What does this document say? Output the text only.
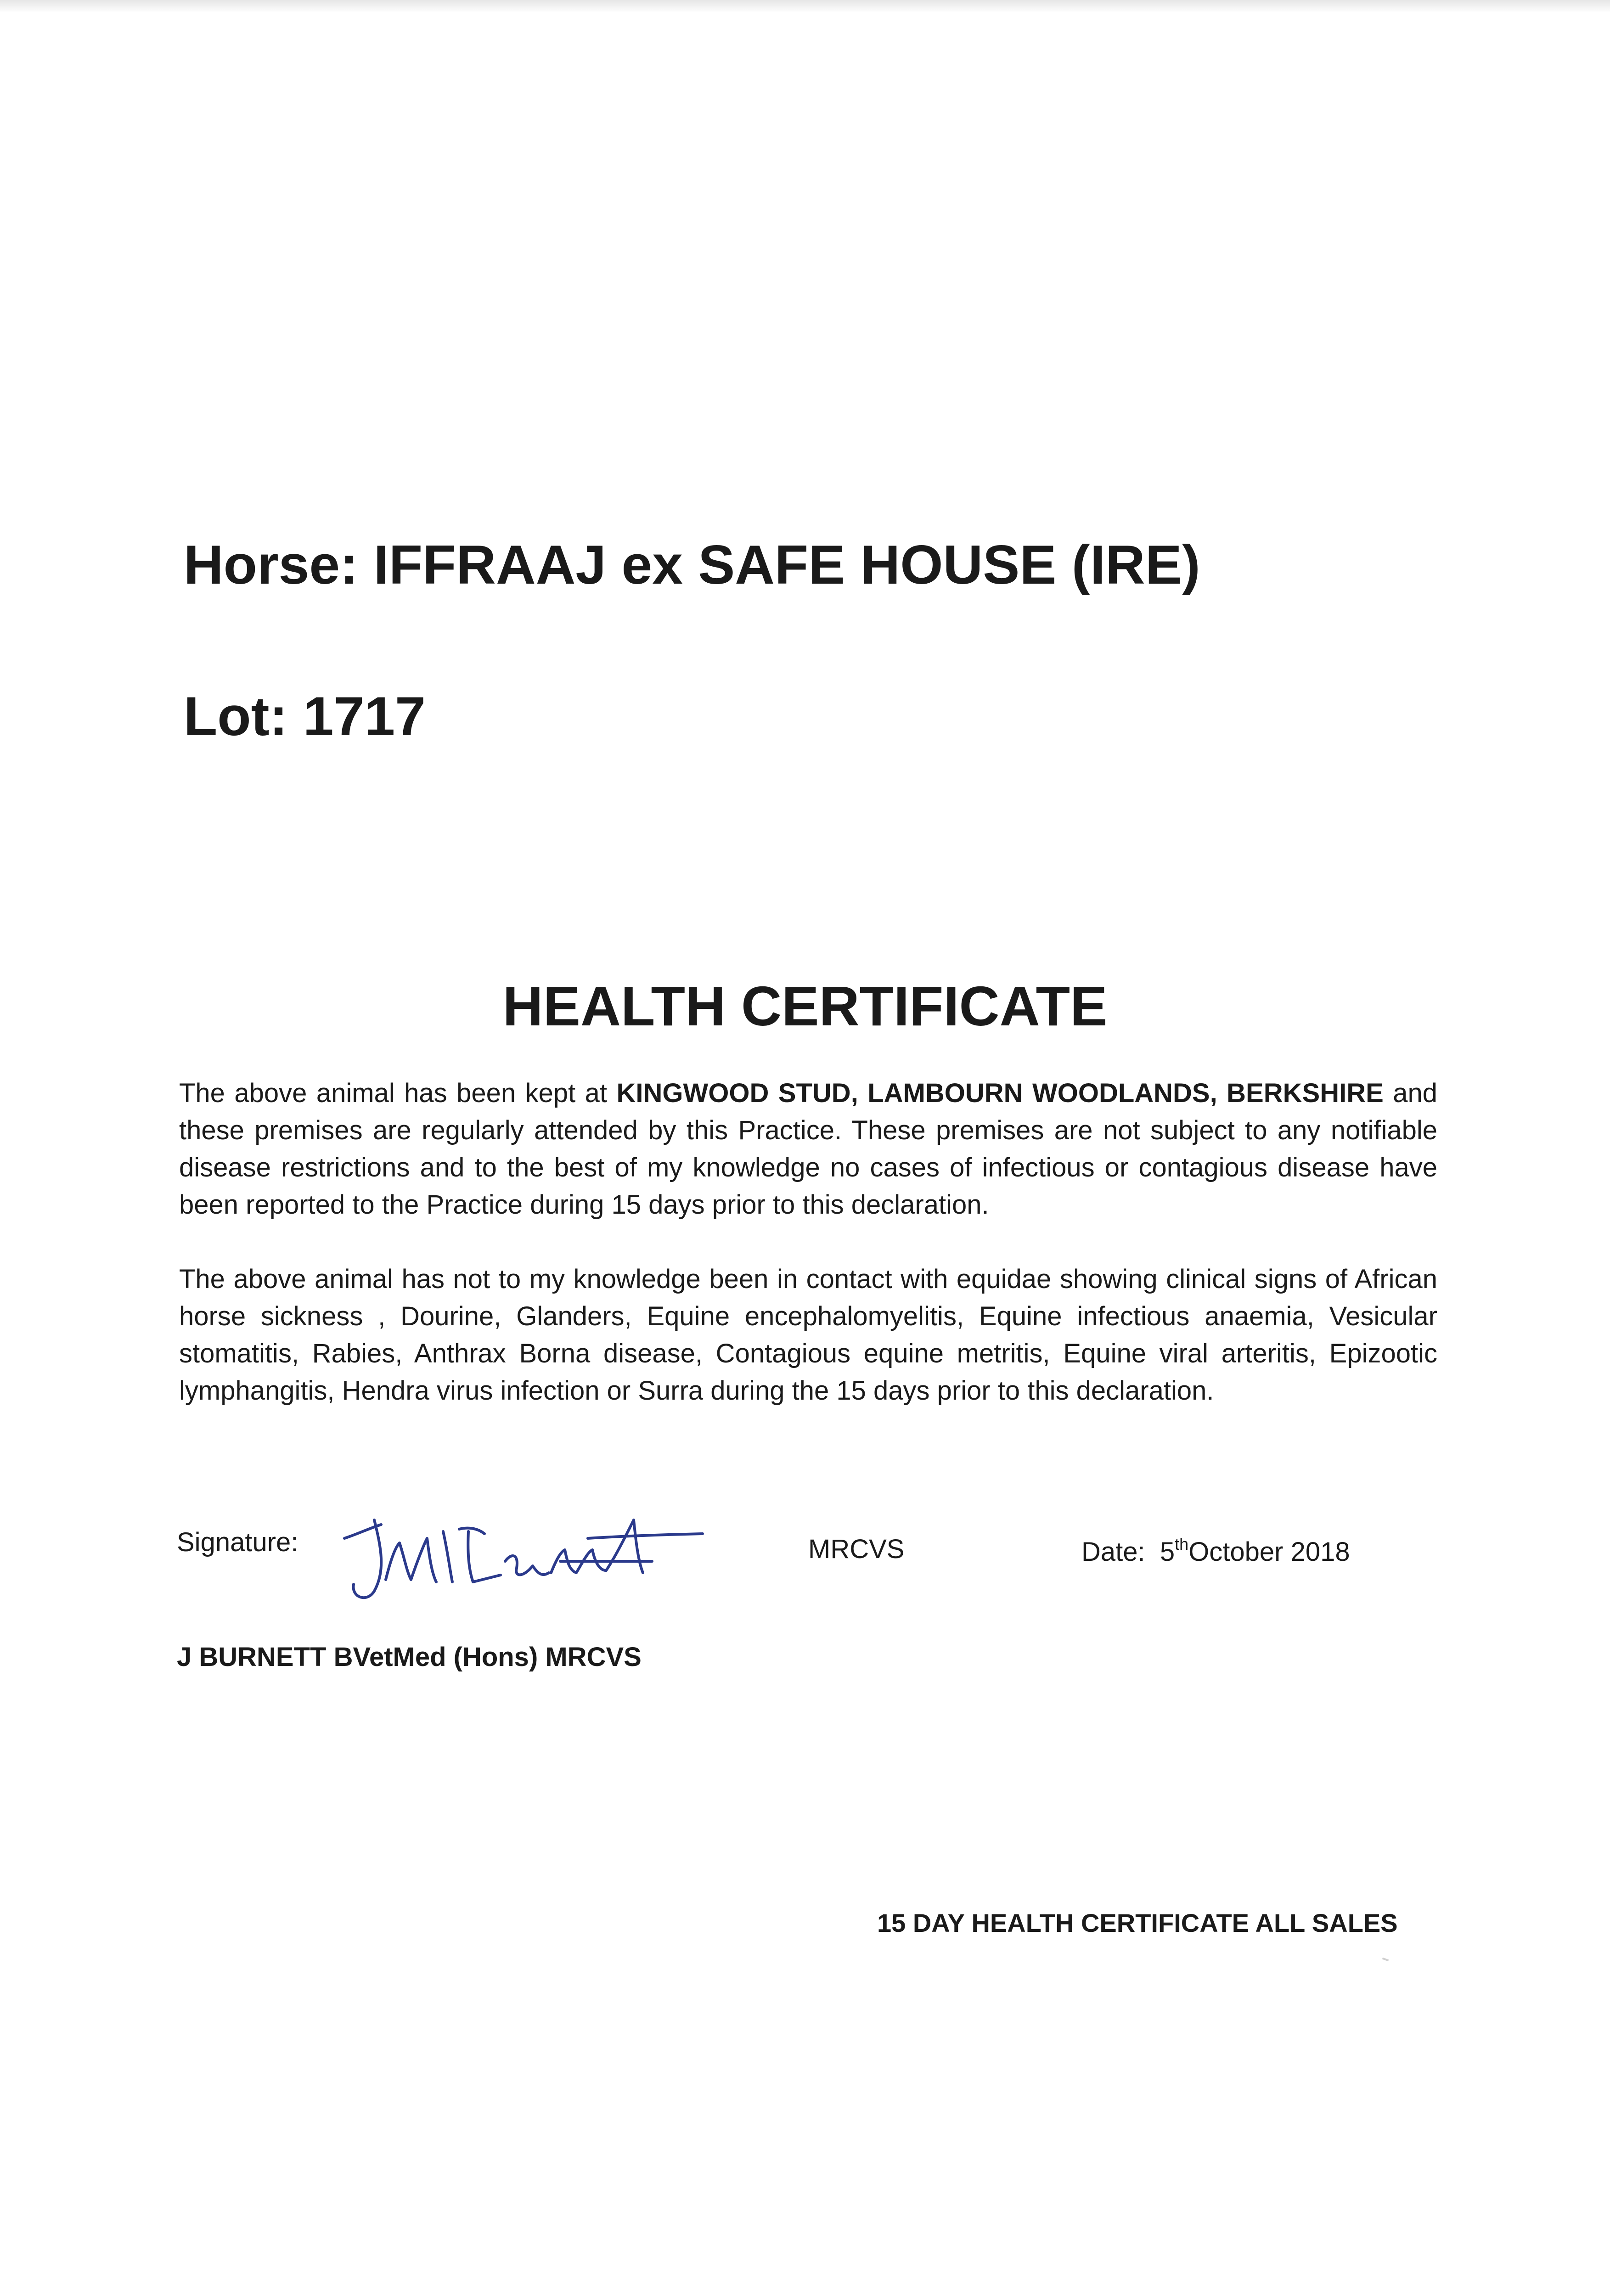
Horse: IFFRAAJ ex SAFE HOUSE (IRE)
Lot: 1717
HEALTH CERTIFICATE

The above animal has been kept at KINGWOOD STUD, LAMBOURN WOODLANDS, BERKSHIRE and these premises are regularly attended by this Practice. These premises are not subject to any notifiable disease restrictions and to the best of my knowledge no cases of infectious or contagious disease have been reported to the Practice during 15 days prior to this declaration.

The above animal has not to my knowledge been in contact with equidae showing clinical signs of African horse sickness , Dourine, Glanders, Equine encephalomyelitis, Equine infectious anaemia, Vesicular stomatitis, Rabies, Anthrax Borna disease, Contagious equine metritis, Equine viral arteritis, Epizootic lymphangitis, Hendra virus infection or Surra during the 15 days prior to this declaration.

Signature:	MRCVS	Date: 5thOctober 2018
J BURNETT BVetMed (Hons) MRCVS
15 DAY HEALTH CERTIFICATE ALL SALES
